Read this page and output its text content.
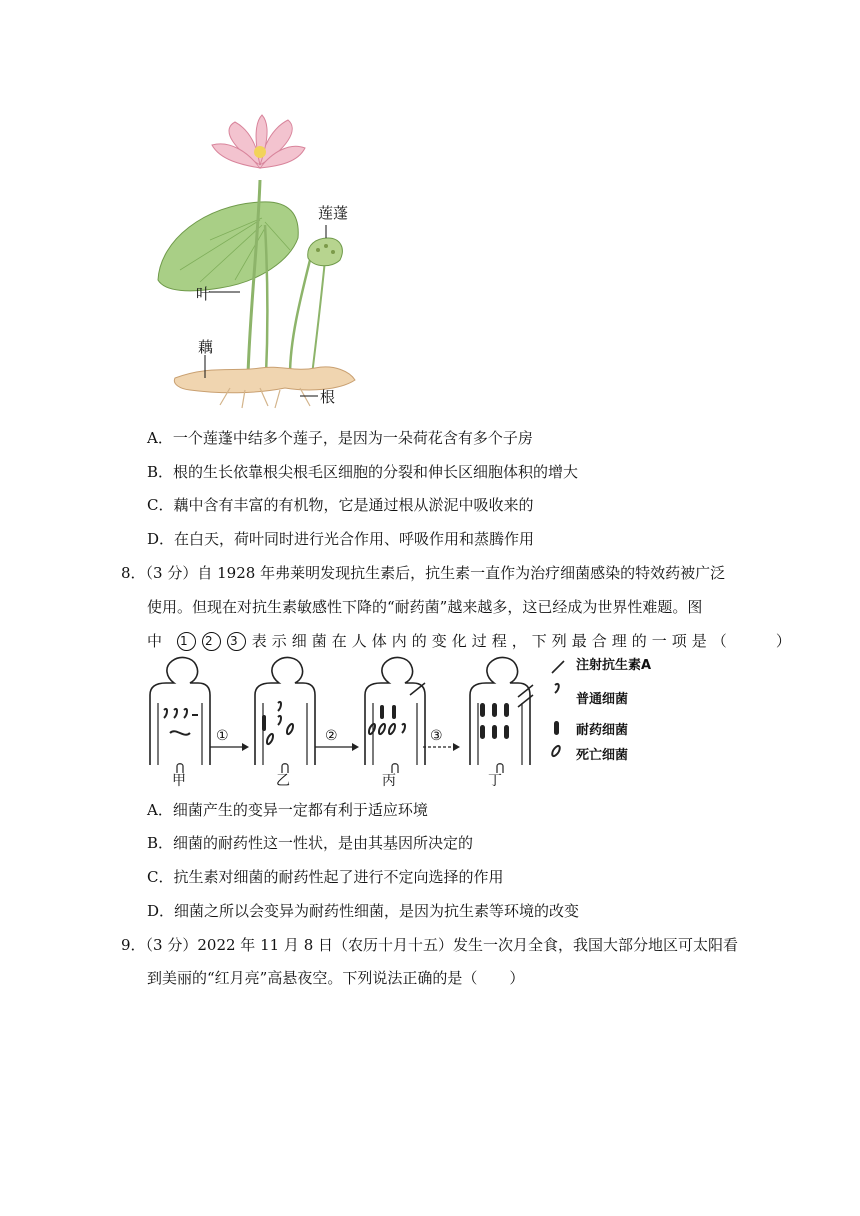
莲蓬
叶
藕
根
A．一个莲蓬中结多个莲子，是因为一朵荷花含有多个子房
B．根的生长依靠根尖根毛区细胞的分裂和伸长区细胞体积的增大
C．藕中含有丰富的有机物，它是通过根从淤泥中吸收来的
D．在白天，荷叶同时进行光合作用、呼吸作用和蒸腾作用
8．（3 分）自 1928 年弗莱明发现抗生素后，抗生素一直作为治疗细菌感染的特效药被广泛
使用。但现在对抗生素敏感性下降的“耐药菌”越来越多，这已经成为世界性难题。图
中 1 2 3 表示细菌在人体内的变化过程，下列最合理的一项是（	）
①	②	③
甲	乙	丙	丁
注射抗生素A
普通细菌
耐药细菌
死亡细菌
A．细菌产生的变异一定都有利于适应环境
B．细菌的耐药性这一性状，是由其基因所决定的
C．抗生素对细菌的耐药性起了进行不定向选择的作用
D．细菌之所以会变异为耐药性细菌，是因为抗生素等环境的改变
9．（3 分）2022 年 11 月 8 日（农历十月十五）发生一次月全食，我国大部分地区可太阳看
到美丽的“红月亮”高悬夜空。下列说法正确的是（ ）
